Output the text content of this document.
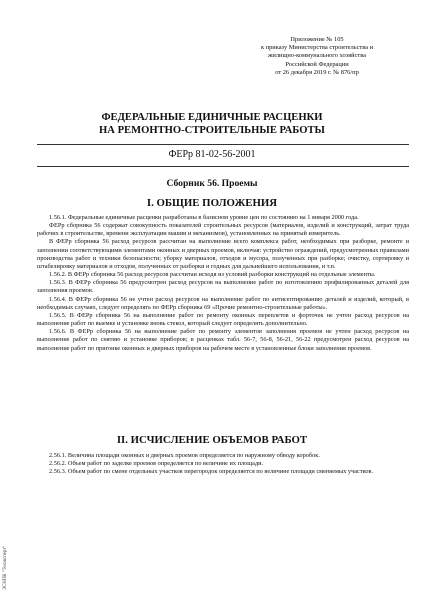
Приложение № 105
к приказу Министерства строительства и
жилищно-коммунального хозяйства
Российской Федерации
от 26 декабря 2019 г. № 876/пр
ФЕДЕРАЛЬНЫЕ ЕДИНИЧНЫЕ РАСЦЕНКИ
НА РЕМОНТНО-СТРОИТЕЛЬНЫЕ РАБОТЫ
ФЕРр 81-02-56-2001
Сборник 56. Проемы
I. ОБЩИЕ ПОЛОЖЕНИЯ

1.56.1. Федеральные единичные расценки разработаны в базисном уровне цен по состоянию на 1 января 2000 года.

ФЕРр сборника 56 содержат совокупность показателей строительных ресурсов (материалов, изделий и конструкций, затрат труда рабочих в строительстве, времени эксплуатации машин и механизмов), установленных на принятый измеритель.

В ФЕРр сборника 56 расход ресурсов рассчитан на выполнение всего комплекса работ, необходимых при разборке, ремонте и заполнении соответствующими элементами оконных и дверных проемов, включая: устройство ограждений, предусмотренных правилами производства работ и техники безопасности; уборку материалов, отходов и мусора, полученных при разборке; очистку, сортировку и штабелировку материалов и отходов, полученных от разборки и годных для дальнейшего использования, и т.п.

1.56.2. В ФЕРр сборника 56 расход ресурсов рассчитан исходя из условий разборки конструкций на отдельные элементы.

1.56.3. В ФЕРр сборника 56 предусмотрен расход ресурсов на выполнение работ по изготовлению профилированных деталей для заполнения проемов.

1.56.4. В ФЕРр сборника 56 не учтен расход ресурсов на выполнение работ по антисептированию деталей и изделий, который, в необходимых случаях, следует определять по ФЕРр сборника 69 «Прочие ремонтно-строительные работы».

1.56.5. В ФЕРр сборника 56 на выполнение работ по ремонту оконных переплетов и форточек не учтен расход ресурсов на выполнение работ по выемке и установке вновь стекол, который следует определять дополнительно.

1.56.6. В ФЕРр сборника 56 на выполнение работ по ремонту элементов заполнения проемов не учтен расход ресурсов на выполнение работ по снятию и установке приборов; в расценках табл. 56-7, 56-8, 56-21, 56-22 предусмотрен расход ресурсов на выполнение работ по пригонке оконных и дверных приборов на рабочем месте в установленные блоки заполнения проемов.

II. ИСЧИСЛЕНИЕ ОБЪЕМОВ РАБОТ

2.56.1. Величина площади оконных и дверных проемов определяется по наружному обводу коробок.

2.56.2. Объем работ по заделке проемов определяется по величине их площади.

2.56.3. Объем работ по смене отдельных участков перегородок определяется по величине площади сменяемых участков.

ЭСНПК "Техэксперт"
